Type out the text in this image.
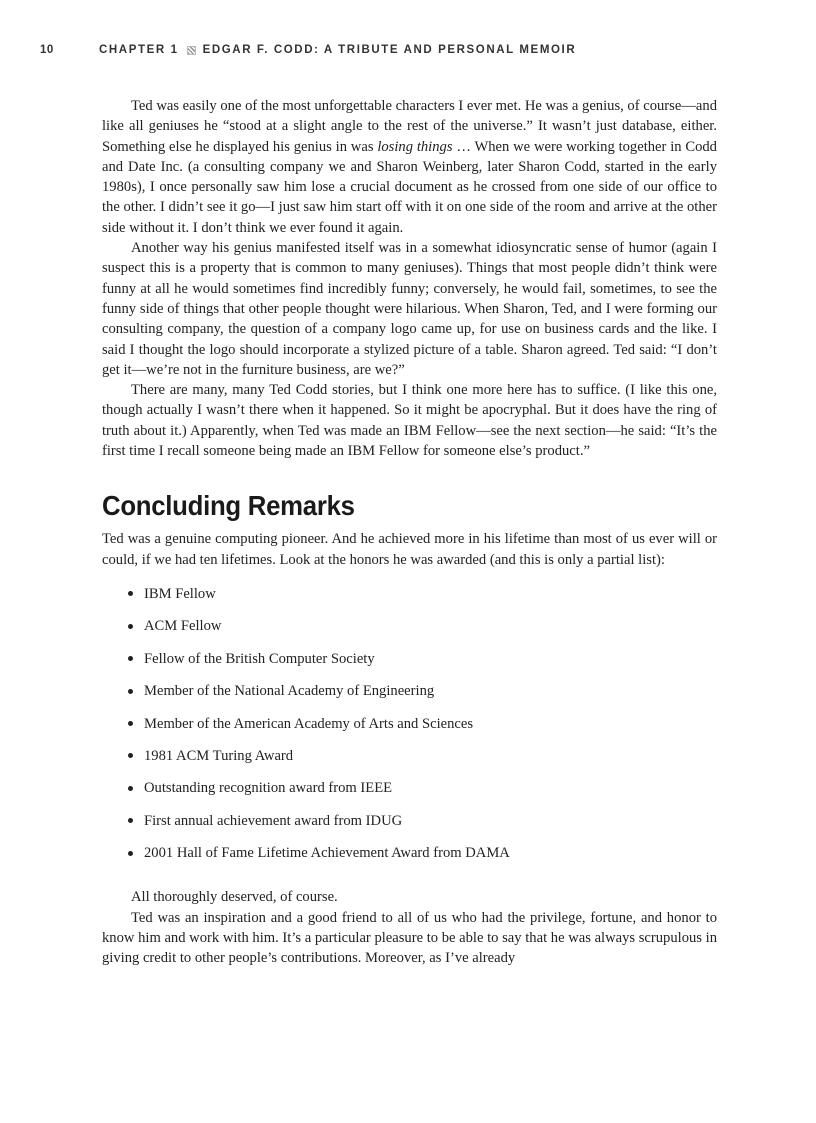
10	CHAPTER 1 EDGAR F. CODD: A TRIBUTE AND PERSONAL MEMOIR

Ted was easily one of the most unforgettable characters I ever met. He was a genius, of course—and like all geniuses he “stood at a slight angle to the rest of the universe.” It wasn’t just database, either. Something else he displayed his genius in was losing things … When we were working together in Codd and Date Inc. (a consulting company we and Sharon Weinberg, later Sharon Codd, started in the early 1980s), I once personally saw him lose a crucial document as he crossed from one side of our office to the other. I didn’t see it go—I just saw him start off with it on one side of the room and arrive at the other side without it. I don’t think we ever found it again.

Another way his genius manifested itself was in a somewhat idiosyncratic sense of humor (again I suspect this is a property that is common to many geniuses). Things that most people didn’t think were funny at all he would sometimes find incredibly funny; conversely, he would fail, sometimes, to see the funny side of things that other people thought were hilarious. When Sharon, Ted, and I were forming our consulting company, the question of a company logo came up, for use on business cards and the like. I said I thought the logo should incorporate a stylized picture of a table. Sharon agreed. Ted said: “I don’t get it—we’re not in the furniture business, are we?”

There are many, many Ted Codd stories, but I think one more here has to suffice. (I like this one, though actually I wasn’t there when it happened. So it might be apocryphal. But it does have the ring of truth about it.) Apparently, when Ted was made an IBM Fellow—see the next section—he said: “It’s the first time I recall someone being made an IBM Fellow for someone else’s product.”

Concluding Remarks

Ted was a genuine computing pioneer. And he achieved more in his lifetime than most of us ever will or could, if we had ten lifetimes. Look at the honors he was awarded (and this is only a partial list):

IBM Fellow
ACM Fellow
Fellow of the British Computer Society
Member of the National Academy of Engineering
Member of the American Academy of Arts and Sciences
1981 ACM Turing Award
Outstanding recognition award from IEEE
First annual achievement award from IDUG
2001 Hall of Fame Lifetime Achievement Award from DAMA

All thoroughly deserved, of course.

Ted was an inspiration and a good friend to all of us who had the privilege, fortune, and honor to know him and work with him. It’s a particular pleasure to be able to say that he was always scrupulous in giving credit to other people’s contributions. Moreover, as I’ve already
